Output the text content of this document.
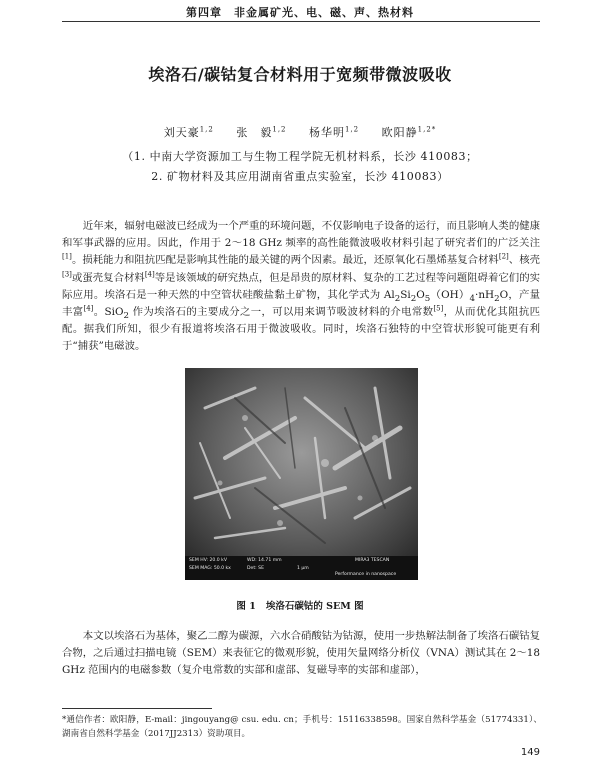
第四章　非金属矿光、电、磁、声、热材料
埃洛石/碳钴复合材料用于宽频带微波吸收
刘天豪$^{1,2}$ 张　毅$^{1,2}$ 杨华明$^{1,2}$ 欧阳静$^{1,2*}$
（1. 中南大学资源加工与生物工程学院无机材料系，长沙 410083；
2. 矿物材料及其应用湖南省重点实验室，长沙 410083）

近年来，辐射电磁波已经成为一个严重的环境问题，不仅影响电子设备的运行，而且影响人类的健康和军事武器的应用。因此，作用于 2～18 GHz 频率的高性能微波吸收材料引起了研究者们的广泛关注[1]。损耗能力和阻抗匹配是影响其性能的最关键的两个因素。最近，还原氧化石墨烯基复合材料[2]、核壳[3]或蛋壳复合材料[4]等是该领域的研究热点，但是昂贵的原材料、复杂的工艺过程等问题阻碍着它们的实际应用。埃洛石是一种天然的中空管状硅酸盐黏土矿物，其化学式为 $Al_2Si_2O_5(OH)_4\cdot nH_2O$，产量丰富[4]。SiO$_2$ 作为埃洛石的主要成分之一，可以用来调节吸波材料的介电常数[5]，从而优化其阻抗匹配。据我们所知，很少有报道将埃洛石用于微波吸收。同时，埃洛石独特的中空管状形貌可能更有利于“捕获”电磁波。

SEM HV: 20.0 kV	WD: 14.71 mm	MIRA3 TESCAN
SEM MAG: 50.0 kx	Det: SE	1 μm
Performance in nanospace
图 1 埃洛石碳钴的 SEM 图

本文以埃洛石为基体，聚乙二醇为碳源，六水合硝酸钴为钴源，使用一步热解法制备了埃洛石碳钴复合物，之后通过扫描电镜（SEM）来表征它的微观形貌，使用矢量网络分析仪（VNA）测试其在 2～18 GHz 范围内的电磁参数（复介电常数的实部和虚部、复磁导率的实部和虚部），

*通信作者：欧阳静，E-mail：jingouyang@ csu. edu. cn；手机号：15116338598。国家自然科学基金（51774331）、湖南省自然科学基金（2017JJ2313）资助项目。
149
